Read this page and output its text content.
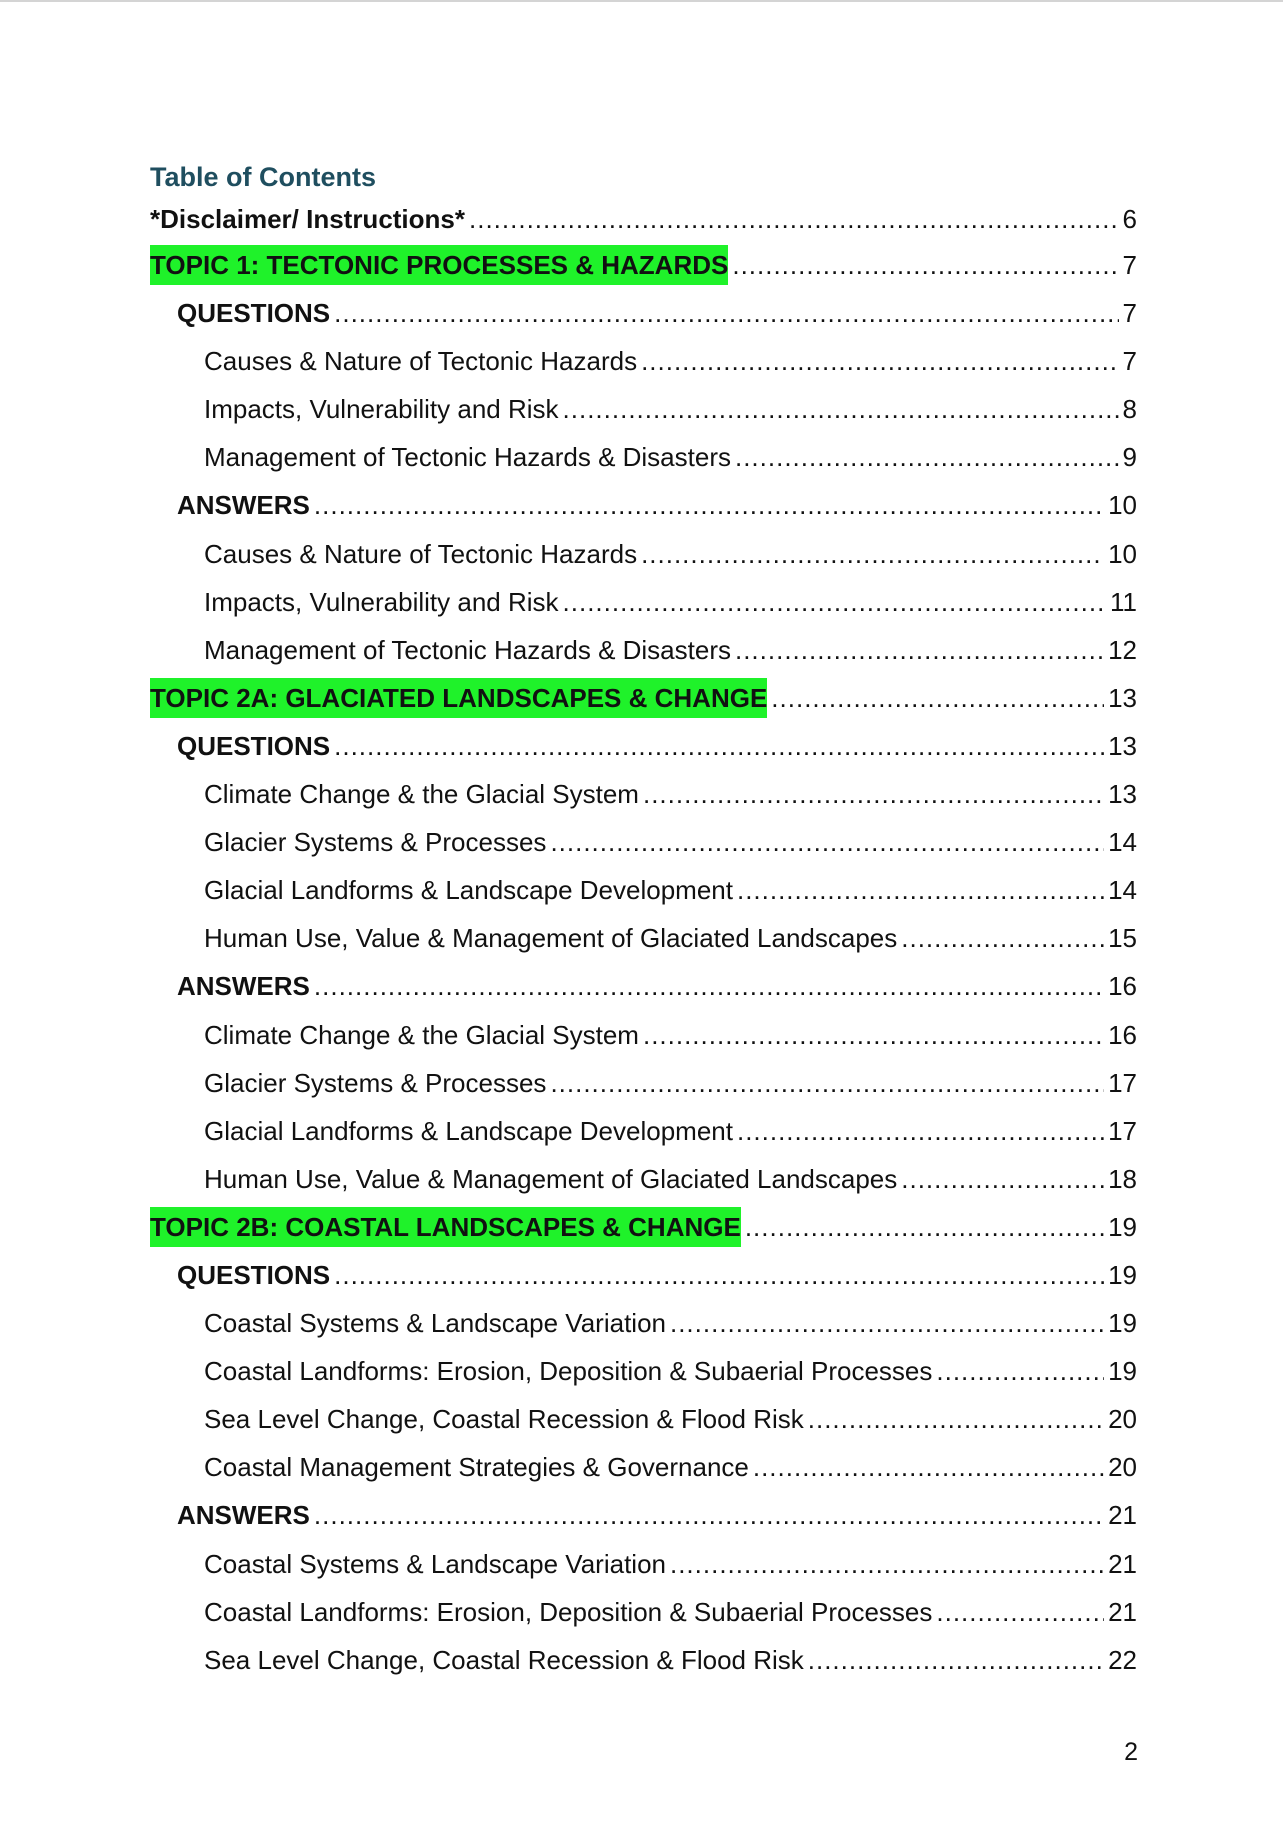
Table of Contents
*Disclaimer/ Instructions* .....	6
TOPIC 1: TECTONIC PROCESSES & HAZARDS .....	7
QUESTIONS .....	7
Causes & Nature of Tectonic Hazards .....	7
Impacts, Vulnerability and Risk .....	8
Management of Tectonic Hazards & Disasters .....	9
ANSWERS .....	10
Causes & Nature of Tectonic Hazards .....	10
Impacts, Vulnerability and Risk .....	11
Management of Tectonic Hazards & Disasters .....	12
TOPIC 2A: GLACIATED LANDSCAPES & CHANGE .....	13
QUESTIONS .....	13
Climate Change & the Glacial System .....	13
Glacier Systems & Processes .....	14
Glacial Landforms & Landscape Development .....	14
Human Use, Value & Management of Glaciated Landscapes .....	15
ANSWERS .....	16
Climate Change & the Glacial System .....	16
Glacier Systems & Processes .....	17
Glacial Landforms & Landscape Development .....	17
Human Use, Value & Management of Glaciated Landscapes .....	18
TOPIC 2B: COASTAL LANDSCAPES & CHANGE .....	19
QUESTIONS .....	19
Coastal Systems & Landscape Variation .....	19
Coastal Landforms: Erosion, Deposition & Subaerial Processes .....	19
Sea Level Change, Coastal Recession & Flood Risk .....	20
Coastal Management Strategies & Governance .....	20
ANSWERS .....	21
Coastal Systems & Landscape Variation .....	21
Coastal Landforms: Erosion, Deposition & Subaerial Processes .....	21
Sea Level Change, Coastal Recession & Flood Risk .....	22
2
